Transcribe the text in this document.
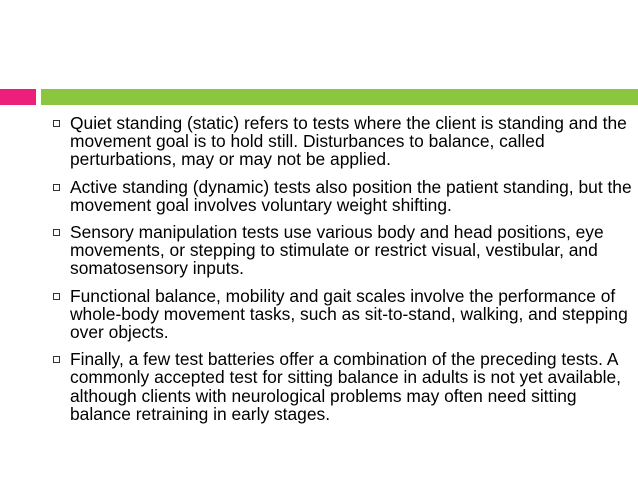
Quiet standing (static) refers to tests where the client is standing and the movement goal is to hold still. Disturbances to balance, called perturbations, may or may not be applied.
Active standing (dynamic) tests also position the patient standing, but the movement goal involves voluntary weight shifting.
Sensory manipulation tests use various body and head positions, eye movements, or stepping to stimulate or restrict visual, vestibular, and somatosensory inputs.
Functional balance, mobility and gait scales involve the performance of whole-body movement tasks, such as sit-to-stand, walking, and stepping over objects.
Finally, a few test batteries offer a combination of the preceding tests. A commonly accepted test for sitting balance in adults is not yet available, although clients with neurological problems may often need sitting balance retraining in early stages.
